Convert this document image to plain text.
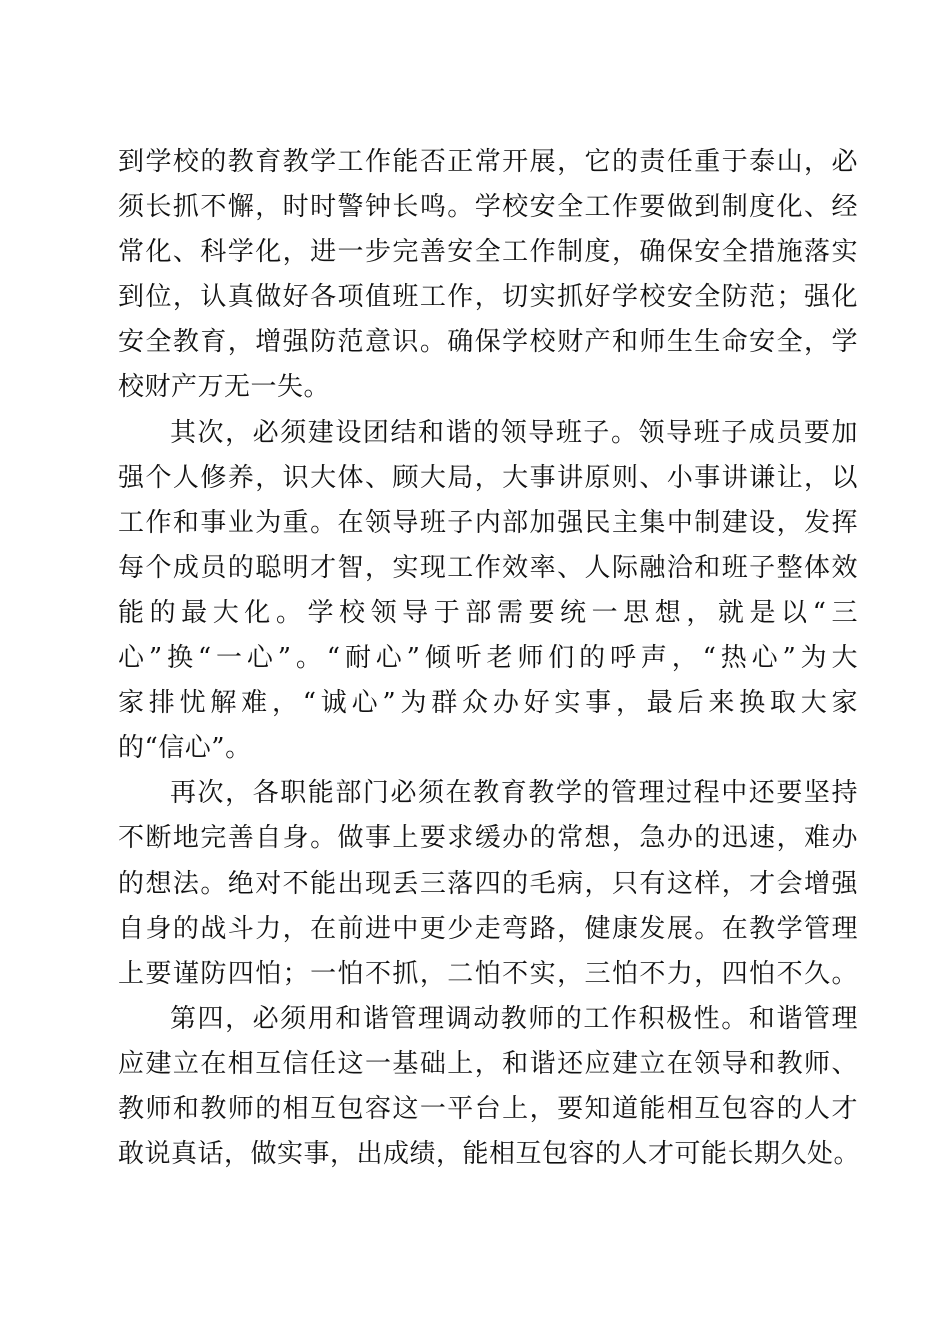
到学校的教育教学工作能否正常开展，它的责任重于泰山，必
须长抓不懈，时时警钟长鸣。学校安全工作要做到制度化、经
常化、科学化，进一步完善安全工作制度，确保安全措施落实
到位，认真做好各项值班工作，切实抓好学校安全防范；强化
安全教育，增强防范意识。确保学校财产和师生生命安全，学
校财产万无一失。
其次，必须建设团结和谐的领导班子。领导班子成员要加
强个人修养，识大体、顾大局，大事讲原则、小事讲谦让，以
工作和事业为重。在领导班子内部加强民主集中制建设，发挥
每个成员的聪明才智，实现工作效率、人际融洽和班子整体效
能的最大化。学校领导于部需要统一思想，就是以“三
心”换“一心”。“耐心”倾听老师们的呼声，“热心”为大
家排忧解难，“诚心”为群众办好实事，最后来换取大家
的“信心”。
再次，各职能部门必须在教育教学的管理过程中还要坚持
不断地完善自身。做事上要求缓办的常想，急办的迅速，难办
的想法。绝对不能出现丢三落四的毛病，只有这样，才会增强
自身的战斗力，在前进中更少走弯路，健康发展。在教学管理
上要谨防四怕；一怕不抓，二怕不实，三怕不力，四怕不久。
第四，必须用和谐管理调动教师的工作积极性。和谐管理
应建立在相互信任这一基础上，和谐还应建立在领导和教师、
教师和教师的相互包容这一平台上，要知道能相互包容的人才
敢说真话，做实事，出成绩，能相互包容的人才可能长期久处。
